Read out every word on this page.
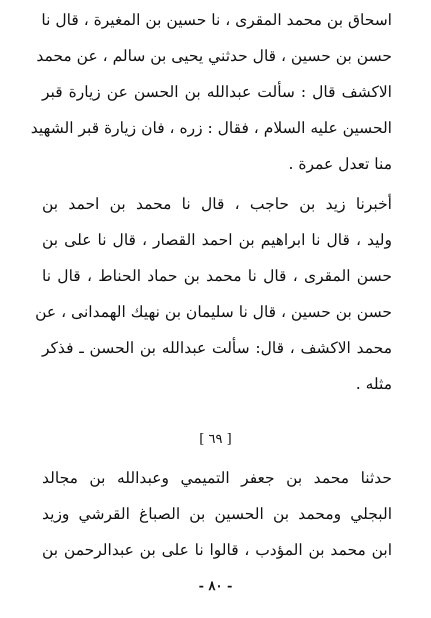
اسحاق بن محمد المقرى ، نا حسين بن المغيرة ، قال نا
حسن بن حسين ، قال حدثني يحيى بن سالم ، عن محمد
الاكشف قال : سألت عبدالله بن الحسن عن زيارة قبر
الحسين عليه السلام ، فقال : زره ، فان زيارة قبر الشهيد
منا تعدل عمرة .
أخبرنا زيد بن حاجب ، قال نا محمد بن احمد بن
وليد ، قال نا ابراهيم بن احمد القصار ، قال نا على بن
حسن المقرى ، قال نا محمد بن حماد الحناط ، قال نا
حسن بن حسين ، قال نا سليمان بن نهيك الهمدانى ، عن
محمد الاكشف ، قال: سألت عبدالله بن الحسن ـ فذكر
مثله .
[ ٦٩ ]
حدثنا محمد بن جعفر التميمي وعبدالله بن مجالد
البجلي ومحمد بن الحسين بن الصباغ القرشي وزيد
ابن محمد بن المؤدب ، قالوا نا على بن عبدالرحمن بن
- ٨٠ -
